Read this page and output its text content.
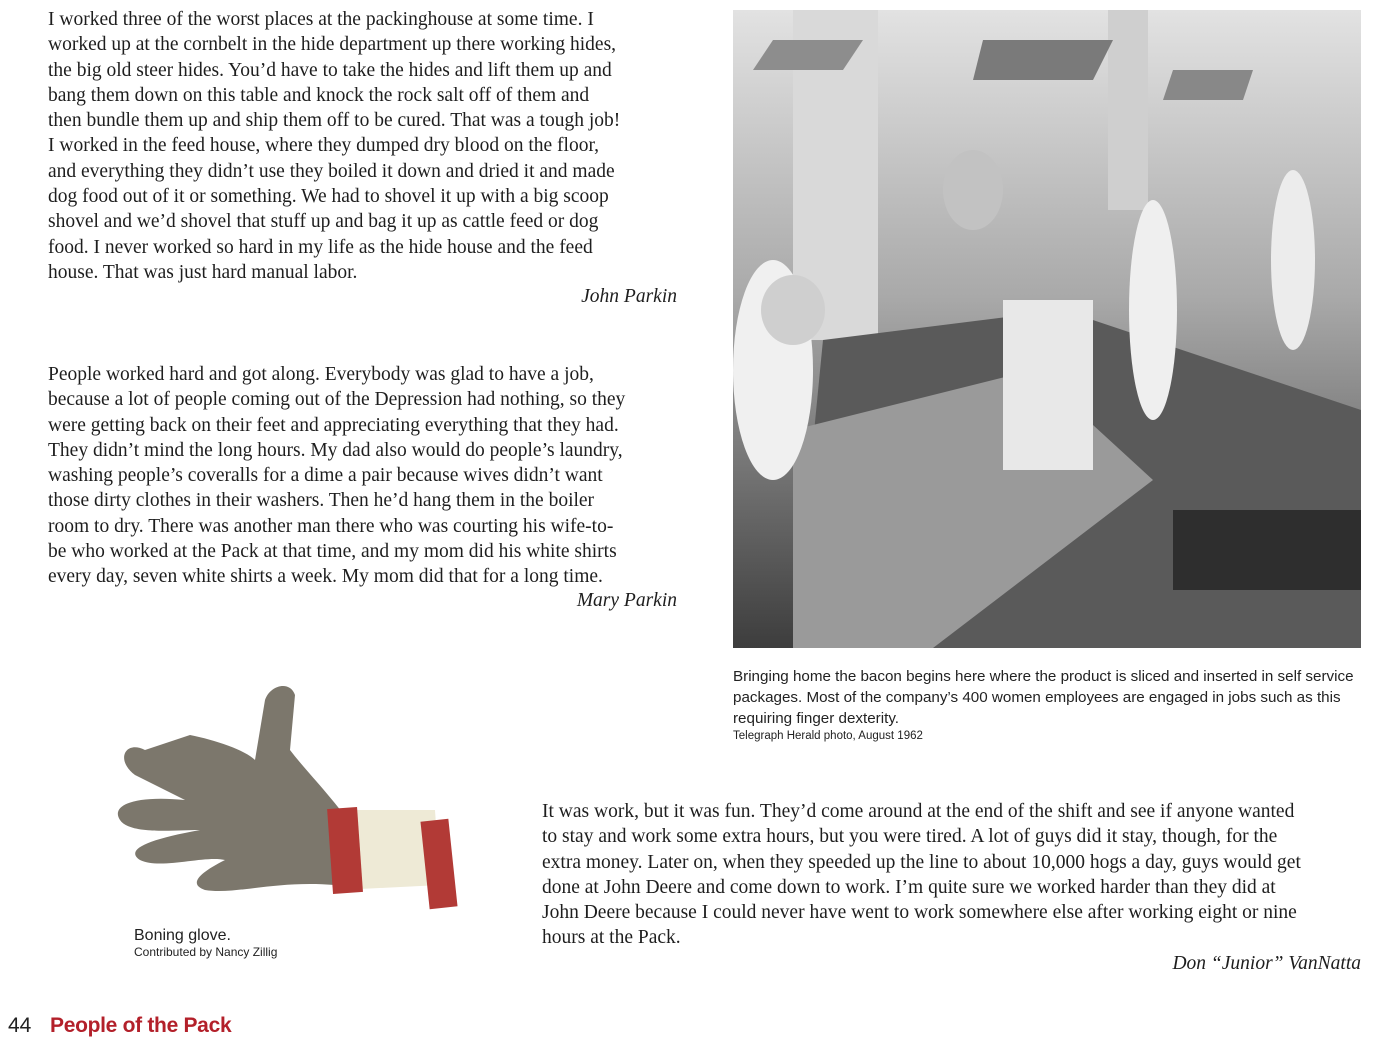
I worked three of the worst places at the packinghouse at some time. I
worked up at the cornbelt in the hide department up there working hides,
the big old steer hides. You’d have to take the hides and lift them up and
bang them down on this table and knock the rock salt off of them and
then bundle them up and ship them off to be cured. That was a tough job!
I worked in the feed house, where they dumped dry blood on the floor,
and everything they didn’t use they boiled it down and dried it and made
dog food out of it or something. We had to shovel it up with a big scoop
shovel and we’d shovel that stuff up and bag it up as cattle feed or dog
food. I never worked so hard in my life as the hide house and the feed
house. That was just hard manual labor.
John Parkin
People worked hard and got along. Everybody was glad to have a job,
because a lot of people coming out of the Depression had nothing, so they
were getting back on their feet and appreciating everything that they had.
They didn’t mind the long hours. My dad also would do people’s laundry,
washing people’s coveralls for a dime a pair because wives didn’t want
those dirty clothes in their washers. Then he’d hang them in the boiler
room to dry. There was another man there who was courting his wife-to-
be who worked at the Pack at that time, and my mom did his white shirts
every day, seven white shirts a week. My mom did that for a long time.
Mary Parkin
Bringing home the bacon begins here where the product is sliced and inserted in self service
packages. Most of the company’s 400 women employees are engaged in jobs such as this
requiring finger dexterity.
Telegraph Herald photo, August 1962
Boning glove.
Contributed by Nancy Zillig
It was work, but it was fun. They’d come around at the end of the shift and see if anyone wanted
to stay and work some extra hours, but you were tired. A lot of guys did it stay, though, for the
extra money. Later on, when they speeded up the line to about 10,000 hogs a day, guys would get
done at John Deere and come down to work. I’m quite sure we worked harder than they did at
John Deere because I could never have went to work somewhere else after working eight or nine
hours at the Pack.
Don “Junior” VanNatta
44 People of the Pack
